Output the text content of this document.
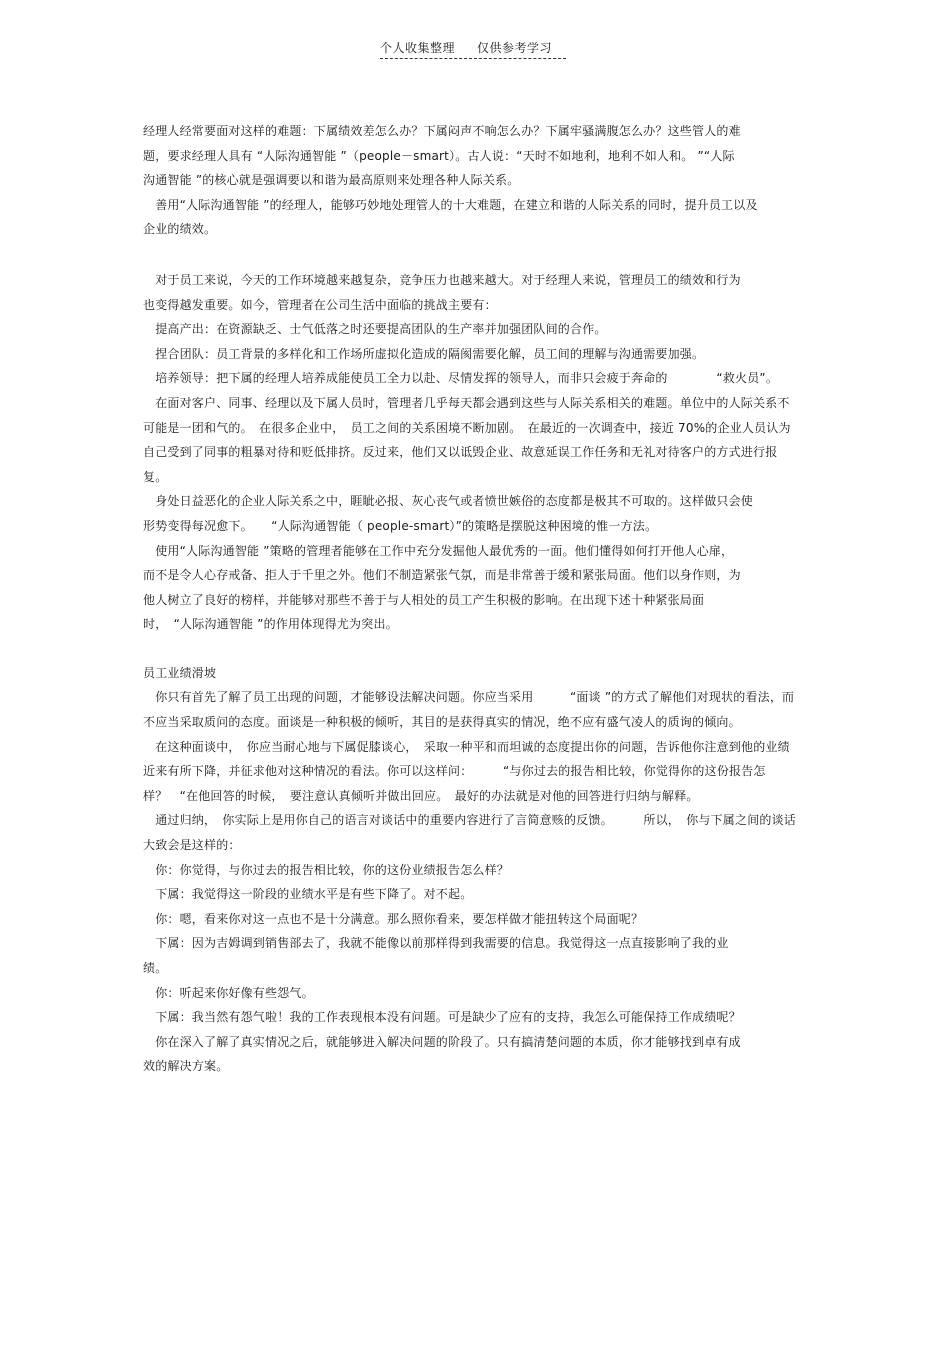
个人收集整理 仅供参考学习

经理人经常要面对这样的难题：下属绩效差怎么办？下属闷声不响怎么办？下属牢骚满腹怎么办？这些管人的难题，要求经理人具有 “人际沟通智能 ”（people－smart）。古人说：“天时不如地利，地利不如人和。 ”“人际沟通智能 ”的核心就是强调要以和谐为最高原则来处理各种人际关系。

　善用“人际沟通智能 ”的经理人，能够巧妙地处理管人的十大难题，在建立和谐的人际关系的同时，提升员工以及企业的绩效。

　对于员工来说，今天的工作环境越来越复杂，竞争压力也越来越大。对于经理人来说，管理员工的绩效和行为也变得越发重要。如今，管理者在公司生活中面临的挑战主要有：

　提高产出：在资源缺乏、士气低落之时还要提高团队的生产率并加强团队间的合作。

　捏合团队：员工背景的多样化和工作场所虚拟化造成的隔阂需要化解，员工间的理解与沟通需要加强。

　培养领导：把下属的经理人培养成能使员工全力以赴、尽情发挥的领导人，而非只会疲于奔命的　　　　“救火员”。

　在面对客户、同事、经理以及下属人员时，管理者几乎每天都会遇到这些与人际关系相关的难题。单位中的人际关系不可能是一团和气的。　在很多企业中，　员工之间的关系困境不断加剧。　在最近的一次调查中，接近 70%的企业人员认为自己受到了同事的粗暴对待和贬低排挤。反过来，他们又以诋毁企业、故意延误工作任务和无礼对待客户的方式进行报复。

　身处日益恶化的企业人际关系之中，睚眦必报、灰心丧气或者愤世嫉俗的态度都是极其不可取的。这样做只会使形势变得每况愈下。　　“人际沟通智能（ people-smart）”的策略是摆脱这种困境的惟一方法。

　使用“人际沟通智能 ”策略的管理者能够在工作中充分发掘他人最优秀的一面。他们懂得如何打开他人心扉，而不是令人心存戒备、拒人于千里之外。他们不制造紧张气氛，而是非常善于缓和紧张局面。他们以身作则，为他人树立了良好的榜样，并能够对那些不善于与人相处的员工产生积极的影响。在出现下述十种紧张局面时，　“人际沟通智能 ”的作用体现得尤为突出。

员工业绩滑坡

　你只有首先了解了员工出现的问题，才能够设法解决问题。你应当采用　　　“面谈 ”的方式了解他们对现状的看法，而不应当采取质问的态度。面谈是一种积极的倾听，其目的是获得真实的情况，绝不应有盛气凌人的质询的倾向。

　在这种面谈中，　你应当耐心地与下属促膝谈心，　采取一种平和而坦诚的态度提出你的问题，告诉他你注意到他的业绩近来有所下降，并征求他对这种情况的看法。你可以这样问：　　　“与你过去的报告相比较，你觉得你的这份报告怎样？　“在他回答的时候，　要注意认真倾听并做出回应。　最好的办法就是对他的回答进行归纳与解释。

　通过归纳，　你实际上是用你自己的语言对谈话中的重要内容进行了言简意赅的反馈。　　　所以，　你与下属之间的谈话大致会是这样的：

　你：你觉得，与你过去的报告相比较，你的这份业绩报告怎么样？

　下属：我觉得这一阶段的业绩水平是有些下降了。对不起。

　你：嗯，看来你对这一点也不是十分满意。那么照你看来，要怎样做才能扭转这个局面呢？

　下属：因为吉姆调到销售部去了，我就不能像以前那样得到我需要的信息。我觉得这一点直接影响了我的业绩。

　你：听起来你好像有些怨气。

　下属：我当然有怨气啦！我的工作表现根本没有问题。可是缺少了应有的支持，我怎么可能保持工作成绩呢？

　你在深入了解了真实情况之后，就能够进入解决问题的阶段了。只有搞清楚问题的本质，你才能够找到卓有成效的解决方案。
